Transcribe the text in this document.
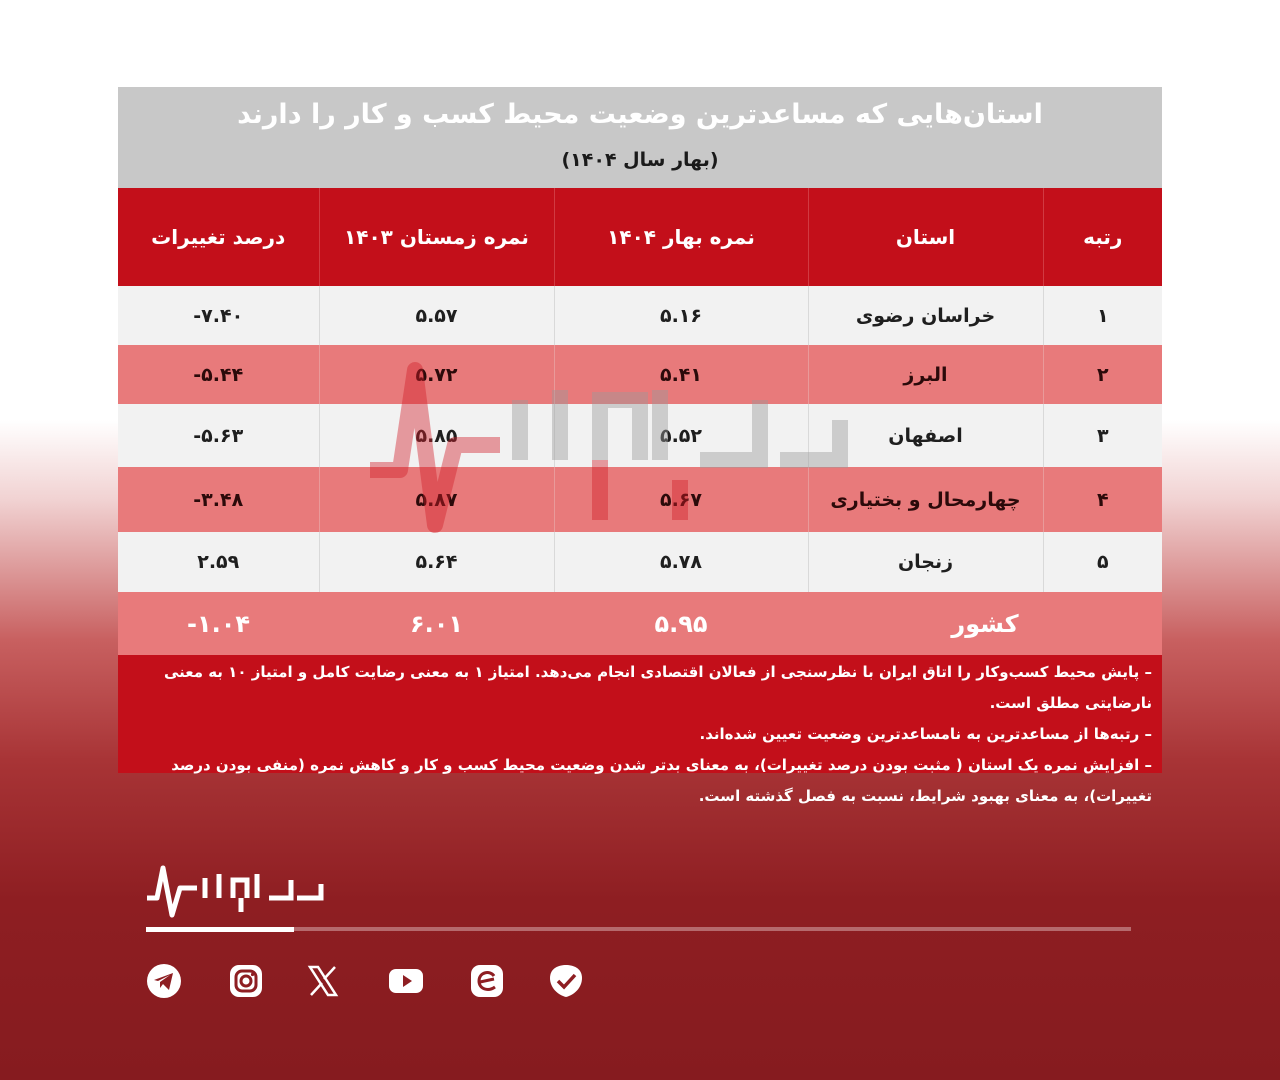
استان‌هایی که مساعدترین وضعیت محیط کسب و کار را دارند
(بهار سال ۱۴۰۴)
رتبه	استان	نمره بهار ۱۴۰۴	نمره زمستان ۱۴۰۳	درصد تغییرات
۱	خراسان رضوی	۵.۱۶	۵.۵۷	-۷.۴۰
۲	البرز	۵.۴۱	۵.۷۲	-۵.۴۴
۳	اصفهان	۵.۵۲	۵.۸۵	-۵.۶۳
۴	چهارمحال و بختیاری	۵.۶۷	۵.۸۷	-۳.۴۸
۵	زنجان	۵.۷۸	۵.۶۴	۲.۵۹
کشور		۵.۹۵	۶.۰۱	-۱.۰۴
– پایش محیط کسب‌وکار را اتاق ایران با نظرسنجی از فعالان اقتصادی انجام می‌دهد. امتیاز ۱ به معنی رضایت کامل و امتیاز ۱۰ به معنی نارضایتی مطلق است.
– رتبه‌ها از مساعدترین به نامساعدترین وضعیت تعیین شده‌اند.
– افزایش نمره یک استان ( مثبت بودن درصد تغییرات)، به معنای بدتر شدن وضعیت محیط کسب و کار و کاهش نمره (منفی بودن درصد تغییرات)، به معنای بهبود شرایط، نسبت به فصل گذشته است.
